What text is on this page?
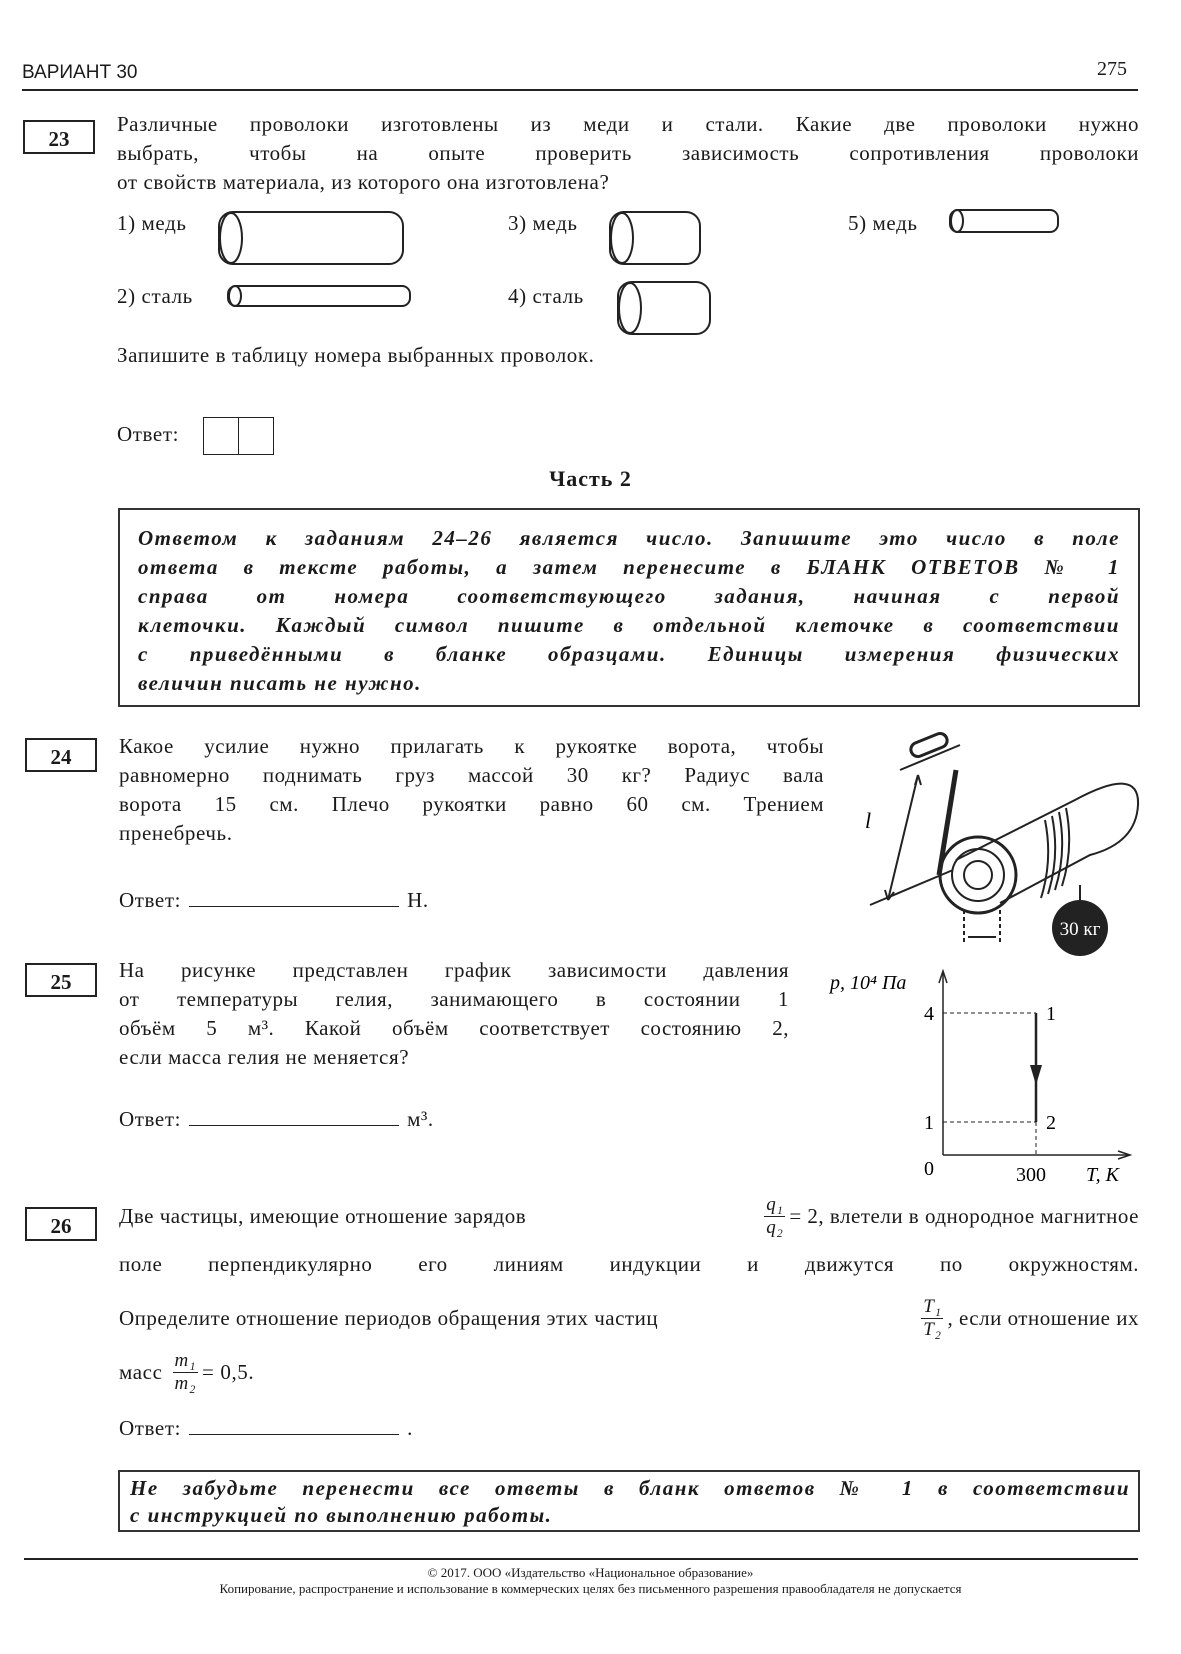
ВАРИАНТ 30	275
23
Различные проволоки изготовлены из меди и стали. Какие две проволоки нужно
выбрать, чтобы на опыте проверить зависимость сопротивления проволоки
от свойств материала, из которого она изготовлена?
1) медь
2) сталь
3) медь
4) сталь
5) медь
Запишите в таблицу номера выбранных проволок.
Ответ:
Часть 2
Ответом к заданиям 24–26 является число. Запишите это число в поле
ответа в тексте работы, а затем перенесите в БЛАНК ОТВЕТОВ № 1
справа от номера соответствующего задания, начиная с первой
клеточки. Каждый символ пишите в отдельной клеточке в соответствии
с приведёнными в бланке образцами. Единицы измерения физических
величин писать не нужно.
24	Какое усилие нужно прилагать к рукоятке ворота, чтобы
равномерно поднимать груз массой 30 кг? Радиус вала
ворота 15 см. Плечо рукоятки равно 60 см. Трением
пренебречь.
Ответ:	Н.
30 кг
l
25	На рисунке представлен график зависимости давления
от температуры гелия, занимающего в состоянии 1
объём 5 м³. Какой объём соответствует состоянию 2,
если масса гелия не меняется?
Ответ:	м³.
p, 10⁴ Па
4
1
0	300 T, К
1
2
26	Две частицы, имеющие отношение зарядов	$\frac{\text{q₁}}{\text{q₂}} = 2$, влетели в однородное магнитное
поле перпендикулярно его линиям индукции и движутся по окружностям.
Определите отношение периодов обращения этих частиц	$\frac{\text{T₁}}{\text{T₂}}$ , если отношение их
масс $\frac{\text{m₁}}{\text{m₂}} = 0,5$.
Ответ:	.
Не забудьте перенести все ответы в бланк ответов № 1 в соответствии
с инструкцией по выполнению работы.
© 2017. ООО «Издательство «Национальное образование»
Копирование, распространение и использование в коммерческих целях без письменного разрешения правообладателя не допускается
